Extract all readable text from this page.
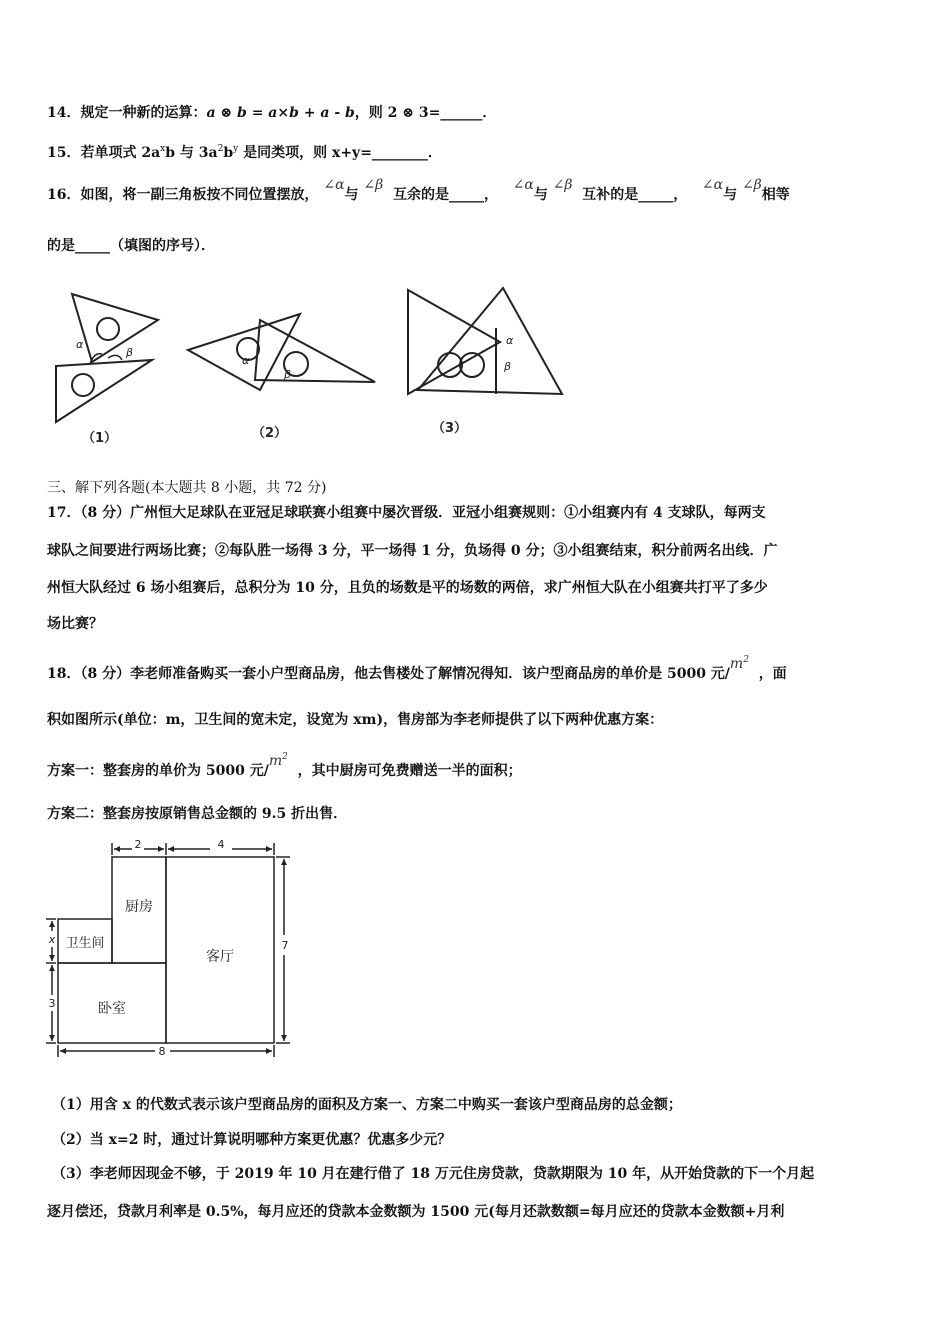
14．规定一种新的运算：a ⊗ b = a×b + a - b，则 2 ⊗ 3=______．
15．若单项式 $2a^xb$ 与 $3a^2b^y$ 是同类项，则 x+y=________．
16．如图，将一副三角板按不同位置摆放， ∠α与 ∠β  互余的是_____，   ∠α与 ∠β  互补的是_____，   ∠α与 ∠β相等
的是_____（填图的序号）．
α
β
α
β
α
β
（1）	（2）	（3）
三、解下列各题(本大题共 8 小题，共 72 分)
17．（8 分）广州恒大足球队在亚冠足球联赛小组赛中屡次晋级．亚冠小组赛规则：①小组赛内有 4 支球队，每两支
球队之间要进行两场比赛；②每队胜一场得 3 分，平一场得 1 分，负场得 0 分；③小组赛结束，积分前两名出线．广
州恒大队经过 6 场小组赛后，总积分为 10 分，且负的场数是平的场数的两倍，求广州恒大队在小组赛共打平了多少
场比赛？
18．（8 分）李老师准备购买一套小户型商品房，他去售楼处了解情况得知．该户型商品房的单价是 5000 元$/m^2$  ，面
积如图所示(单位：m，卫生间的宽未定，设宽为 xm)，售房部为李老师提供了以下两种优惠方案：
方案一：整套房的单价为 5000 元$/m^2$  ，其中厨房可免费赠送一半的面积；
方案二：整套房按原销售总金额的 9.5 折出售．
厨房
卫生间
客厅
卧室
2	4
7
8
x
3
（1）用含 x 的代数式表示该户型商品房的面积及方案一、方案二中购买一套该户型商品房的总金额；
（2）当 x=2 时，通过计算说明哪种方案更优惠？优惠多少元？
（3）李老师因现金不够，于 2019 年 10 月在建行借了 18 万元住房贷款，贷款期限为 10 年，从开始贷款的下一个月起
逐月偿还，贷款月利率是 0.5%，每月应还的贷款本金数额为 1500 元(每月还款数额=每月应还的贷款本金数额+月利
